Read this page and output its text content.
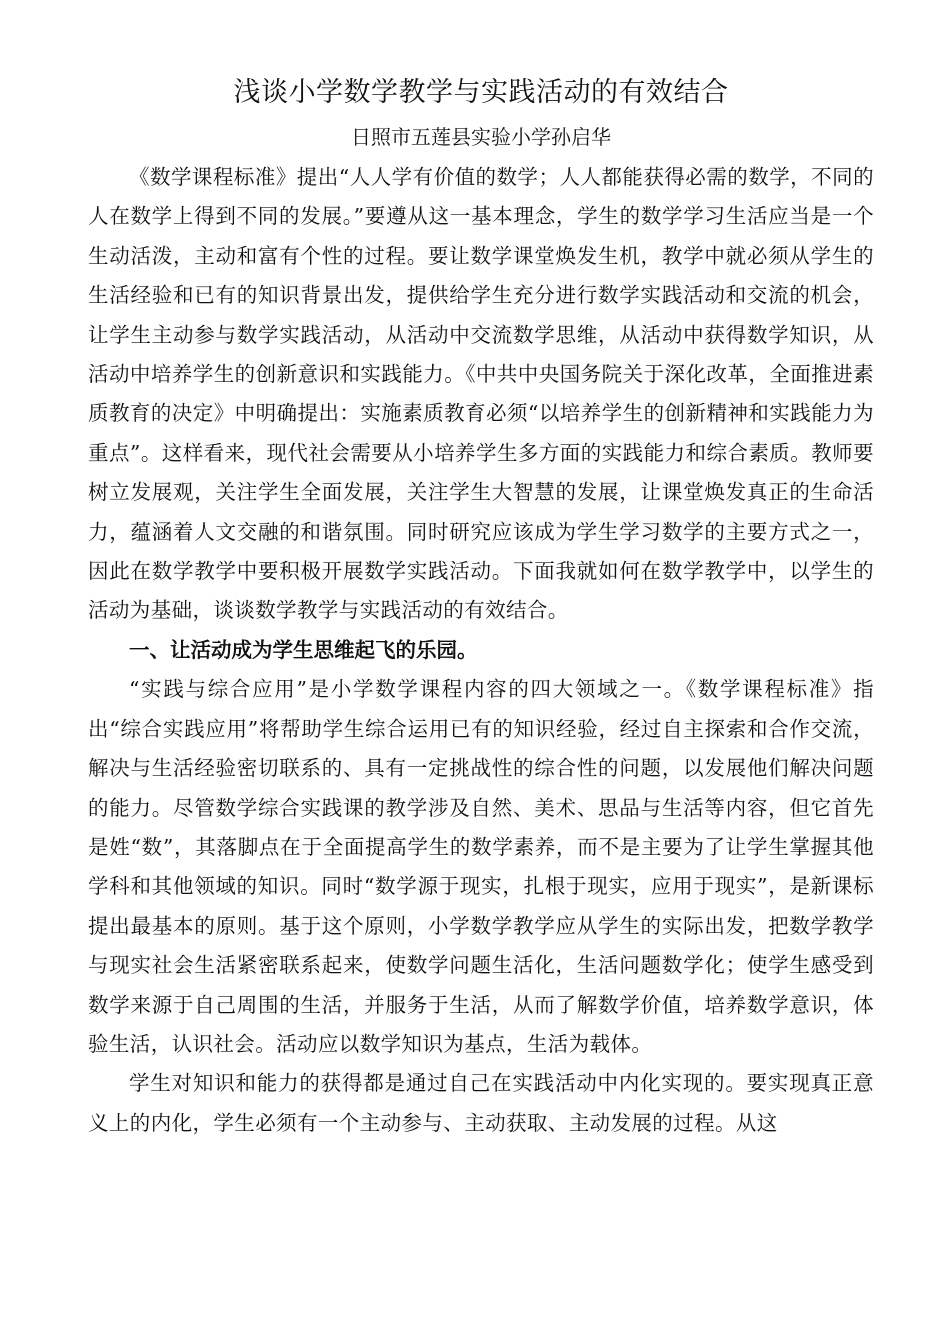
浅谈小学数学教学与实践活动的有效结合

日照市五莲县实验小学孙启华

《数学课程标准》提出“人人学有价值的数学；人人都能获得必需的数学，不同的人在数学上得到不同的发展。”要遵从这一基本理念，学生的数学学习生活应当是一个生动活泼，主动和富有个性的过程。要让数学课堂焕发生机，教学中就必须从学生的生活经验和已有的知识背景出发，提供给学生充分进行数学实践活动和交流的机会，让学生主动参与数学实践活动，从活动中交流数学思维，从活动中获得数学知识，从活动中培养学生的创新意识和实践能力。《中共中央国务院关于深化改革，全面推进素质教育的决定》中明确提出：实施素质教育必须“以培养学生的创新精神和实践能力为重点”。这样看来，现代社会需要从小培养学生多方面的实践能力和综合素质。教师要树立发展观，关注学生全面发展，关注学生大智慧的发展，让课堂焕发真正的生命活力，蕴涵着人文交融的和谐氛围。同时研究应该成为学生学习数学的主要方式之一，因此在数学教学中要积极开展数学实践活动。下面我就如何在数学教学中，以学生的活动为基础，谈谈数学教学与实践活动的有效结合。

一、让活动成为学生思维起飞的乐园。

“实践与综合应用”是小学数学课程内容的四大领域之一。《数学课程标准》指出“综合实践应用”将帮助学生综合运用已有的知识经验，经过自主探索和合作交流，解决与生活经验密切联系的、具有一定挑战性的综合性的问题，以发展他们解决问题的能力。尽管数学综合实践课的教学涉及自然、美术、思品与生活等内容，但它首先是姓“数”，其落脚点在于全面提高学生的数学素养，而不是主要为了让学生掌握其他学科和其他领域的知识。同时“数学源于现实，扎根于现实，应用于现实”，是新课标提出最基本的原则。基于这个原则，小学数学教学应从学生的实际出发，把数学教学与现实社会生活紧密联系起来，使数学问题生活化，生活问题数学化；使学生感受到数学来源于自己周围的生活，并服务于生活，从而了解数学价值，培养数学意识，体验生活，认识社会。活动应以数学知识为基点，生活为载体。

学生对知识和能力的获得都是通过自己在实践活动中内化实现的。要实现真正意义上的内化，学生必须有一个主动参与、主动获取、主动发展的过程。从这
